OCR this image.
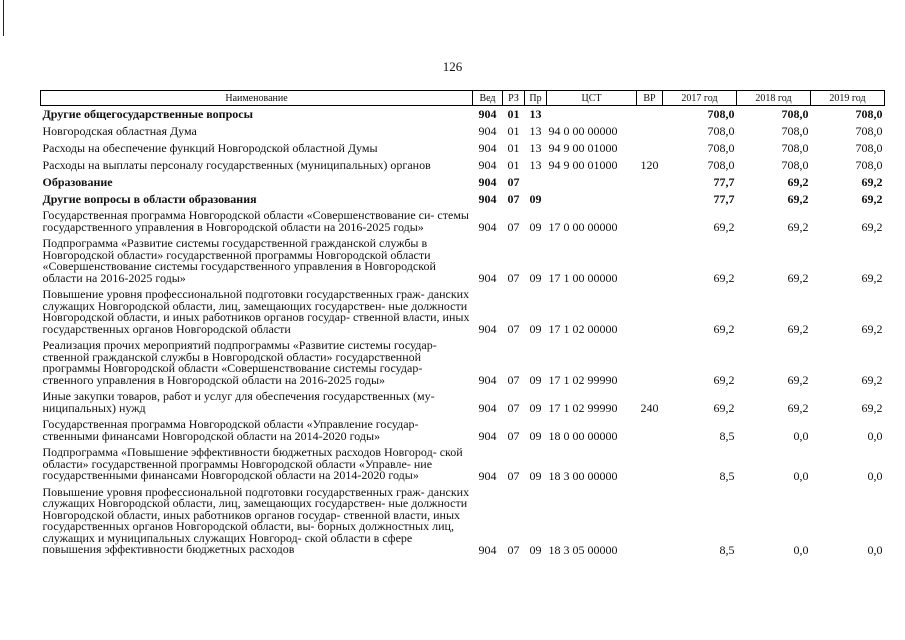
126
Наименование	Вед	РЗ	Пр	ЦСТ	ВР	2017 год	2018 год	2019 год
Другие общегосударственные вопросы	904	01	13			708,0	708,0	708,0
Новгородская областная Дума	904	01	13	94 0 00 00000		708,0	708,0	708,0
Расходы на обеспечение функций Новгородской областной Думы	904	01	13	94 9 00 01000		708,0	708,0	708,0
Расходы на выплаты персоналу государственных (муниципальных) органов	904	01	13	94 9 00 01000	120	708,0	708,0	708,0
Образование	904	07				77,7	69,2	69,2
Другие вопросы в области образования	904	07	09			77,7	69,2	69,2
Государственная программа Новгородской области «Совершенствование си- стемы государственного управления в Новгородской области на 2016-2025 годы»	904	07	09	17 0 00 00000		69,2	69,2	69,2
Подпрограмма «Развитие системы государственной гражданской службы в Новгородской области» государственной программы Новгородской области «Совершенствование системы государственного управления в Новгородской области на 2016-2025 годы»	904	07	09	17 1 00 00000		69,2	69,2	69,2
Повышение уровня профессиональной подготовки государственных граж- данских служащих Новгородской области, лиц, замещающих государствен- ные должности Новгородской области, и иных работников органов государ- ственной власти, иных государственных органов Новгородской области	904	07	09	17 1 02 00000		69,2	69,2	69,2
Реализация прочих мероприятий подпрограммы «Развитие системы государ- ственной гражданской службы в Новгородской области» государственной программы Новгородской области «Совершенствование системы государ- ственного управления в Новгородской области на 2016-2025 годы»	904	07	09	17 1 02 99990		69,2	69,2	69,2
Иные закупки товаров, работ и услуг для обеспечения государственных (му- ниципальных) нужд	904	07	09	17 1 02 99990	240	69,2	69,2	69,2
Государственная программа Новгородской области «Управление государ- ственными финансами Новгородской области на 2014-2020 годы»	904	07	09	18 0 00 00000		8,5	0,0	0,0
Подпрограмма «Повышение эффективности бюджетных расходов Новгород- ской области» государственной программы Новгородской области «Управле- ние государственными финансами Новгородской области на 2014-2020 годы»	904	07	09	18 3 00 00000		8,5	0,0	0,0
Повышение уровня профессиональной подготовки государственных граж- данских служащих Новгородской области, лиц, замещающих государствен- ные должности Новгородской области, иных работников органов государ- ственной власти, иных государственных органов Новгородской области, вы- борных должностных лиц, служащих и муниципальных служащих Новгород- ской области в сфере повышения эффективности бюджетных расходов	904	07	09	18 3 05 00000		8,5	0,0	0,0
